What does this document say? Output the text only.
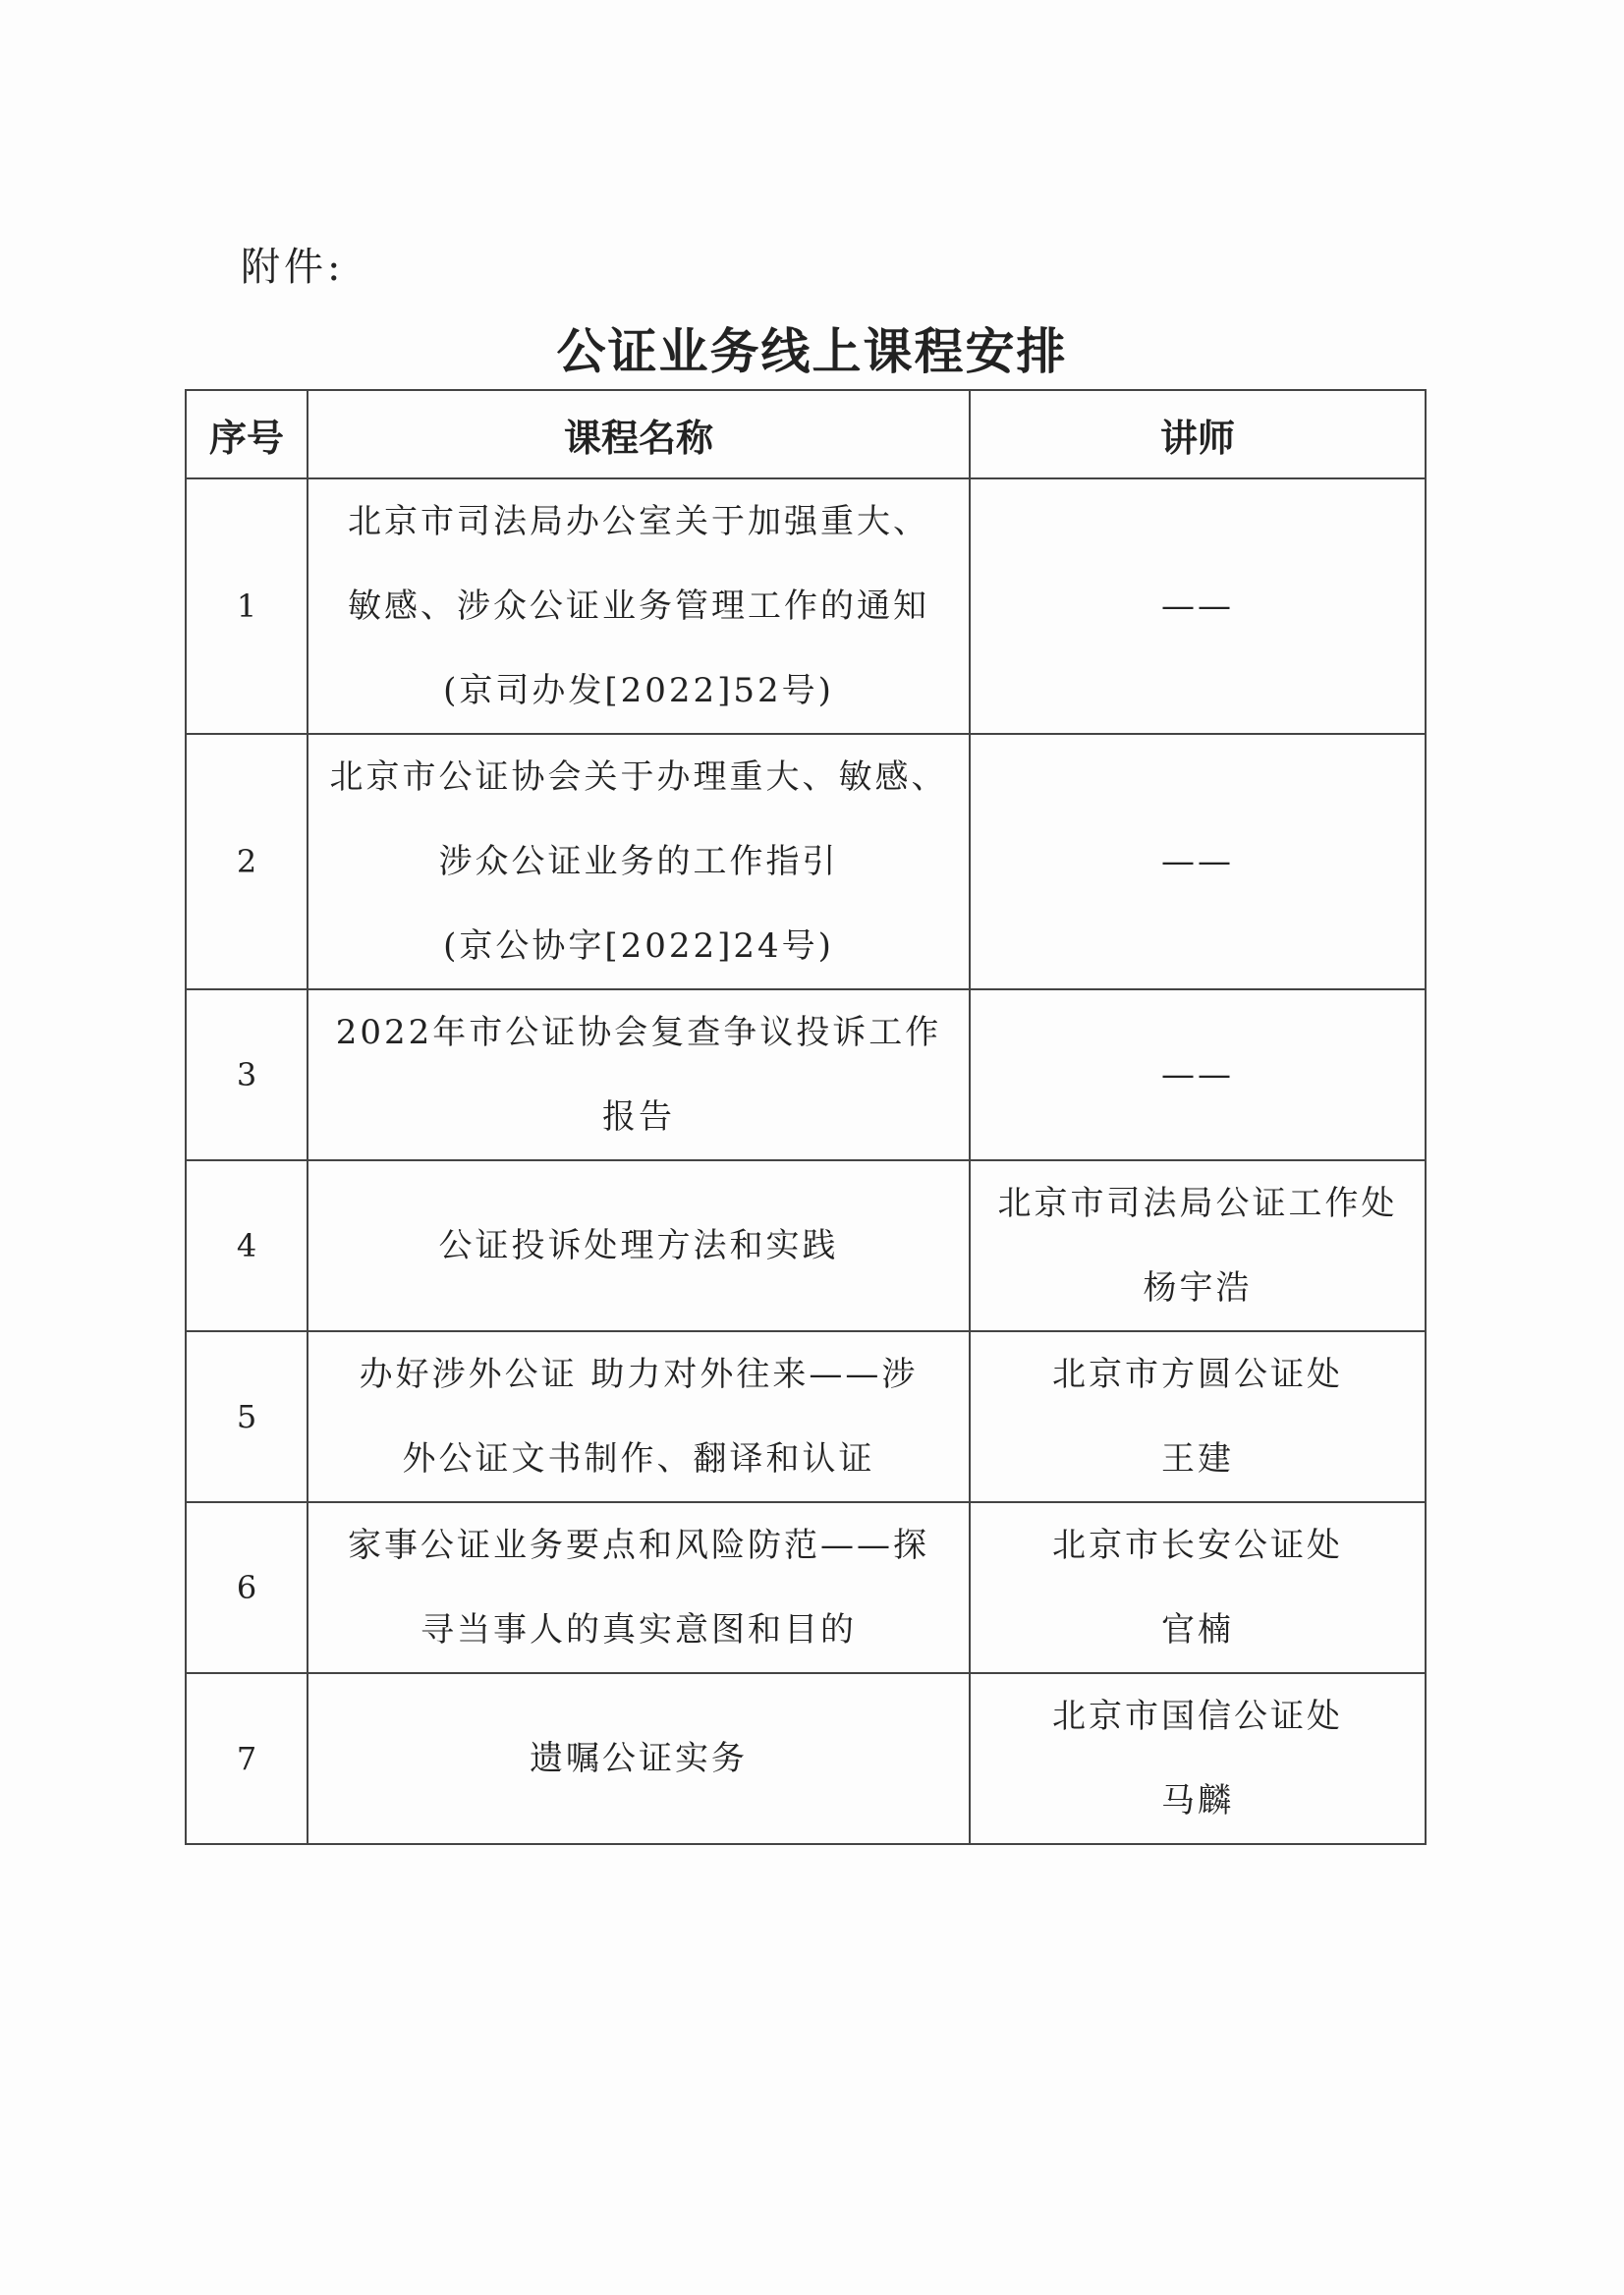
附件:
公证业务线上课程安排
序号	课程名称	讲师
1	北京市司法局办公室关于加强重大、
敏感、涉众公证业务管理工作的通知
(京司办发[2022]52号)	——

2	北京市公证协会关于办理重大、敏感、
涉众公证业务的工作指引
(京公协字[2022]24号)	——

3	2022年市公证协会复查争议投诉工作
报告	——

4	公证投诉处理方法和实践	北京市司法局公证工作处
杨宇浩

5	办好涉外公证 助力对外往来——涉
外公证文书制作、翻译和认证	北京市方圆公证处
王建

6	家事公证业务要点和风险防范——探
寻当事人的真实意图和目的	北京市长安公证处
官楠

7	遗嘱公证实务	北京市国信公证处
马麟
